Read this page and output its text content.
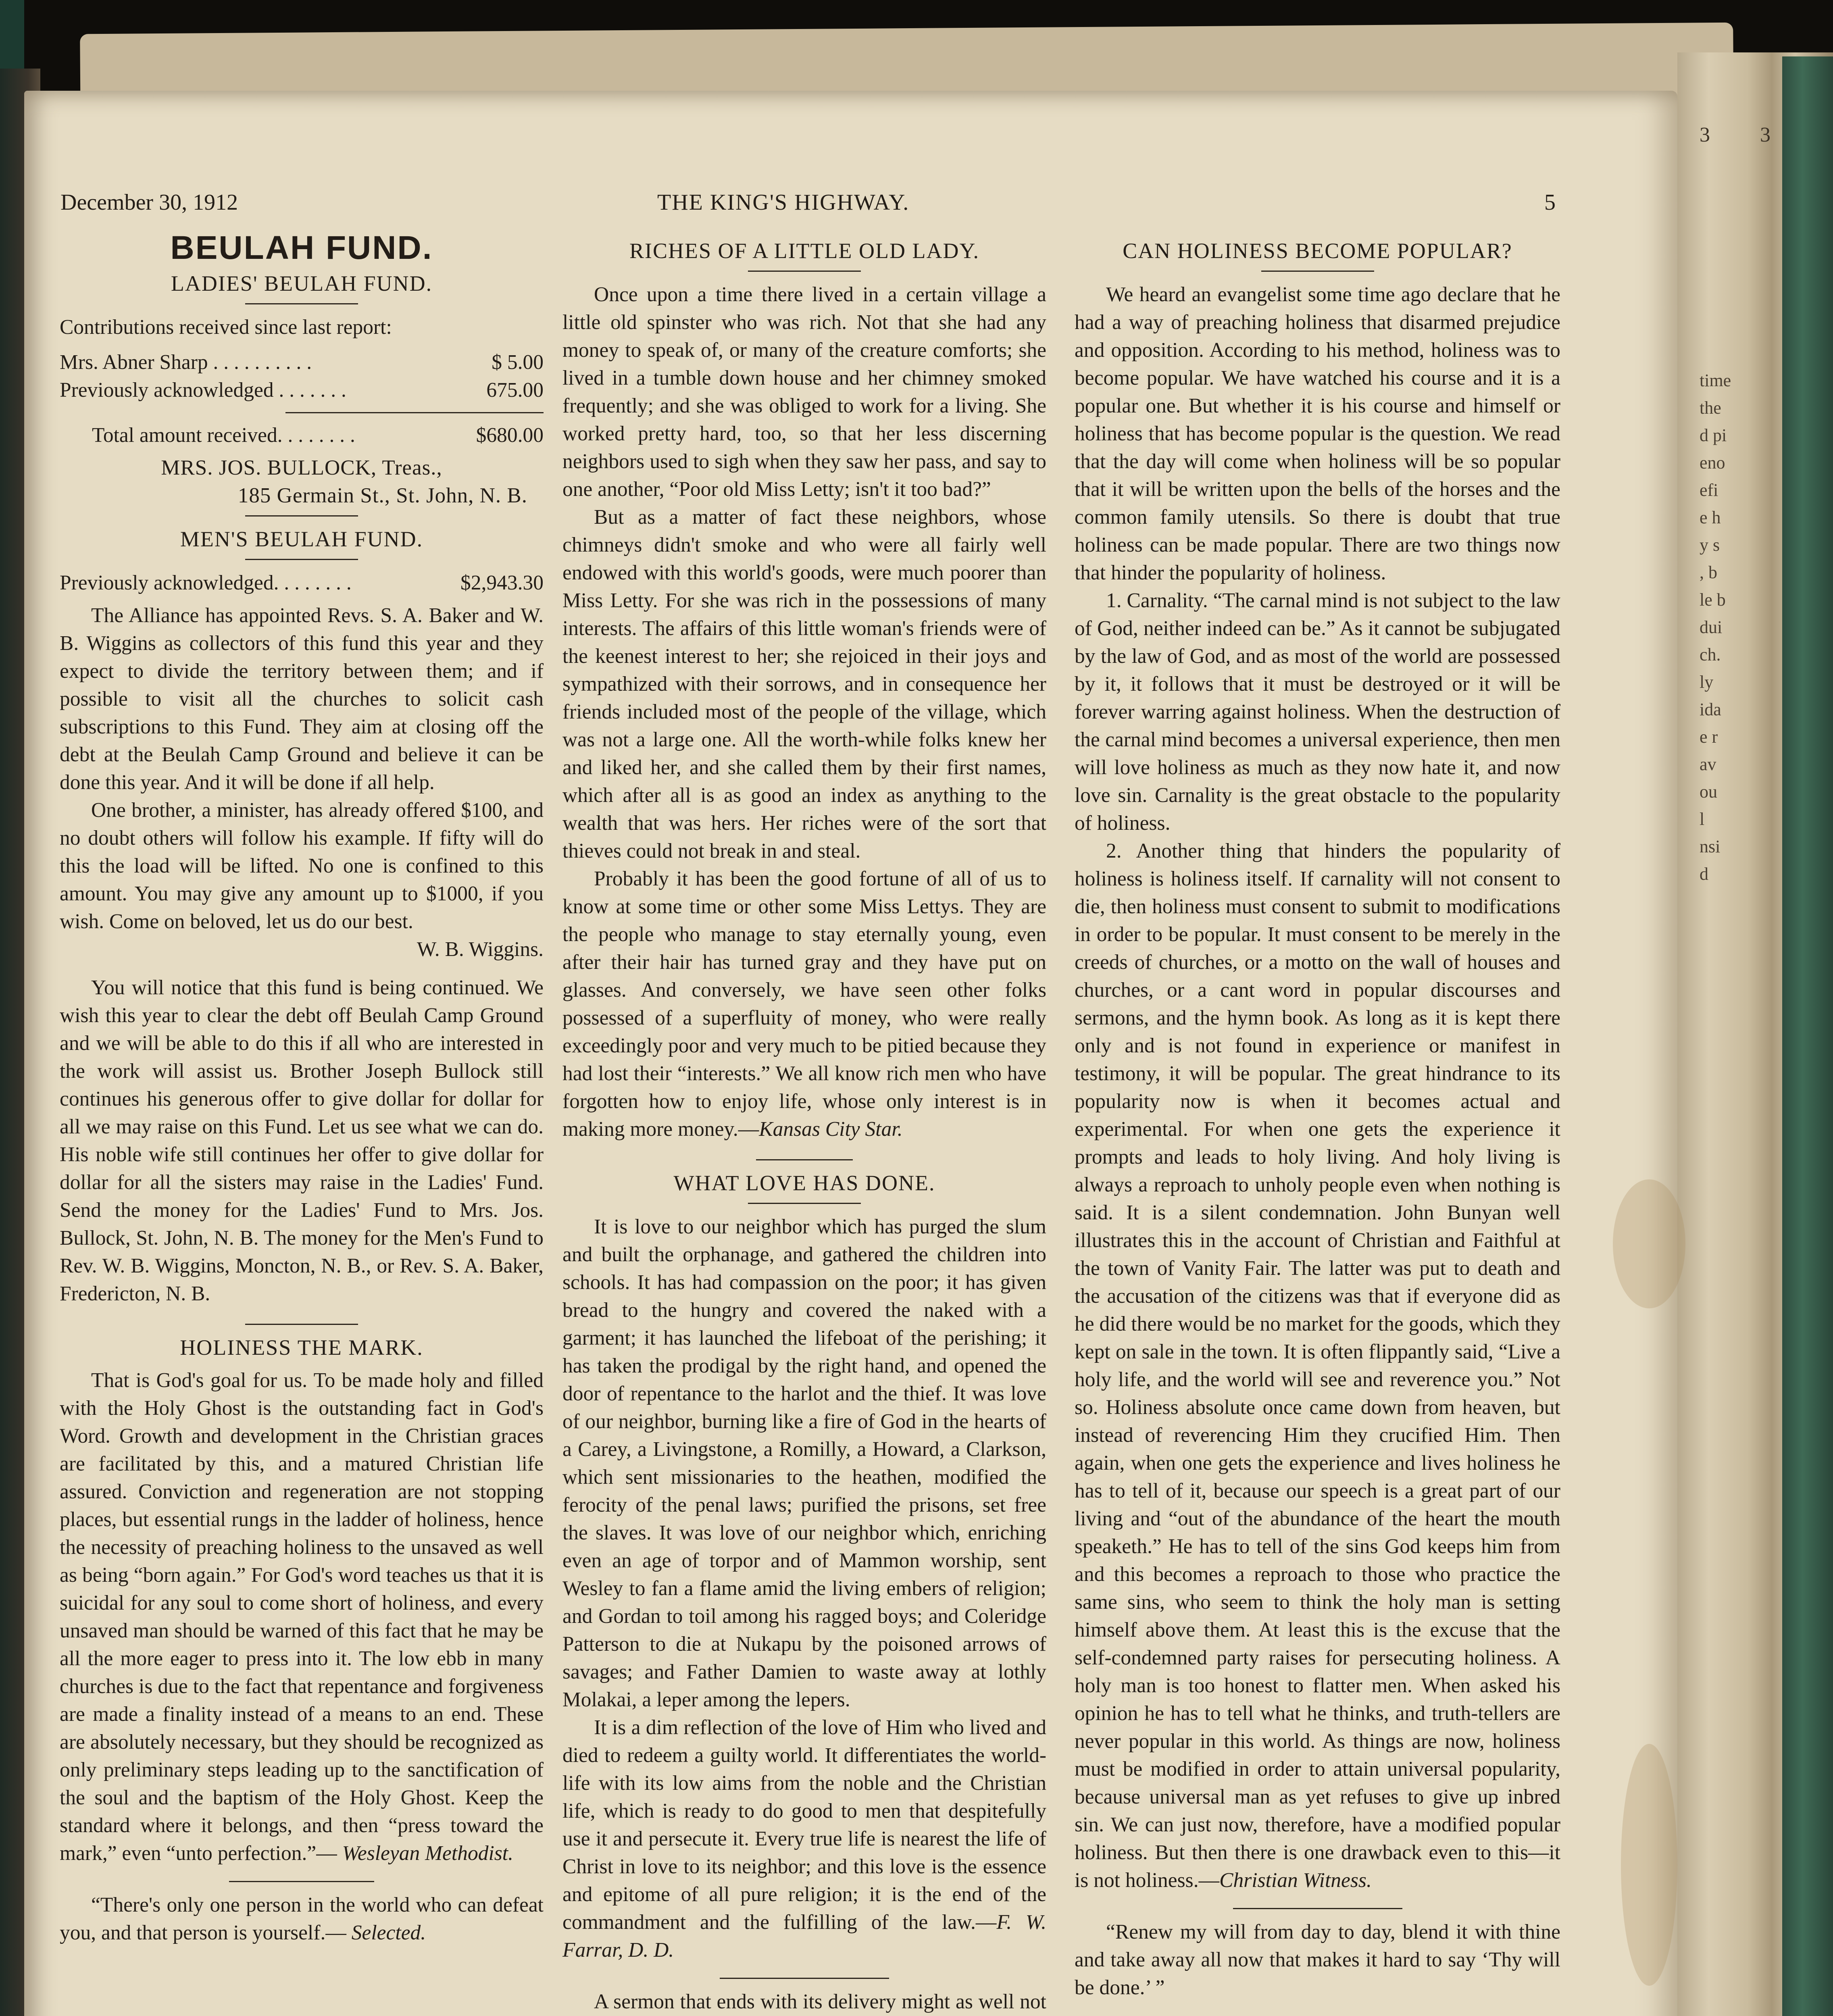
3 3
time
the
d pi
eno
efi
e h
y s
, b
le b
dui
ch.
ly
ida
e r
av
ou
l
nsi
d
December 30, 1912	THE KING'S HIGHWAY.	5
BEULAH FUND.
LADIES' BEULAH FUND.
Contributions received since last report:
Mrs. Abner Sharp . . . . . . . . . .	$ 5.00
Previously acknowledged . . . . . . .	675.00
Total amount received. . . . . . . .	$680.00
MRS. JOS. BULLOCK, Treas.,
185 Germain St., St. John, N. B.
MEN'S BEULAH FUND.
Previously acknowledged. . . . . . . .	$2,943.30

The Alliance has appointed Revs. S. A. Baker and W. B. Wiggins as collectors of this fund this year and they expect to divide the territory between them; and if possible to visit all the churches to solicit cash subscriptions to this Fund. They aim at closing off the debt at the Beulah Camp Ground and believe it can be done this year. And it will be done if all help.

One brother, a minister, has already offered $100, and no doubt others will follow his example. If fifty will do this the load will be lifted. No one is confined to this amount. You may give any amount up to $1000, if you wish. Come on beloved, let us do our best.

W. B. Wiggins.

You will notice that this fund is being continued. We wish this year to clear the debt off Beulah Camp Ground and we will be able to do this if all who are interested in the work will assist us. Brother Joseph Bullock still continues his generous offer to give dollar for dollar for all we may raise on this Fund. Let us see what we can do. His noble wife still continues her offer to give dollar for dollar for all the sisters may raise in the Ladies' Fund. Send the money for the Ladies' Fund to Mrs. Jos. Bullock, St. John, N. B. The money for the Men's Fund to Rev. W. B. Wiggins, Moncton, N. B., or Rev. S. A. Baker, Fredericton, N. B.

HOLINESS THE MARK.

That is God's goal for us. To be made holy and filled with the Holy Ghost is the outstanding fact in God's Word. Growth and development in the Christian graces are facilitated by this, and a matured Christian life assured. Conviction and regeneration are not stopping places, but essential rungs in the ladder of holiness, hence the necessity of preaching holiness to the unsaved as well as being “born again.” For God's word teaches us that it is suicidal for any soul to come short of holiness, and every unsaved man should be warned of this fact that he may be all the more eager to press into it. The low ebb in many churches is due to the fact that repentance and forgiveness are made a finality instead of a means to an end. These are absolutely necessary, but they should be recognized as only preliminary steps leading up to the sanctification of the soul and the baptism of the Holy Ghost. Keep the standard where it belongs, and then “press toward the mark,” even “unto perfection.”— Wesleyan Methodist.

“There's only one person in the world who can defeat you, and that person is yourself.— Selected.

RICHES OF A LITTLE OLD LADY.

Once upon a time there lived in a certain village a little old spinster who was rich. Not that she had any money to speak of, or many of the creature comforts; she lived in a tumble down house and her chimney smoked frequently; and she was obliged to work for a living. She worked pretty hard, too, so that her less discerning neighbors used to sigh when they saw her pass, and say to one another, “Poor old Miss Letty; isn't it too bad?”

But as a matter of fact these neighbors, whose chimneys didn't smoke and who were all fairly well endowed with this world's goods, were much poorer than Miss Letty. For she was rich in the possessions of many interests. The affairs of this little woman's friends were of the keenest interest to her; she rejoiced in their joys and sympathized with their sorrows, and in consequence her friends included most of the people of the village, which was not a large one. All the worth-while folks knew her and liked her, and she called them by their first names, which after all is as good an index as anything to the wealth that was hers. Her riches were of the sort that thieves could not break in and steal.

Probably it has been the good fortune of all of us to know at some time or other some Miss Lettys. They are the people who manage to stay eternally young, even after their hair has turned gray and they have put on glasses. And conversely, we have seen other folks possessed of a superfluity of money, who were really exceedingly poor and very much to be pitied because they had lost their “interests.” We all know rich men who have forgotten how to enjoy life, whose only interest is in making more money.—Kansas City Star.

WHAT LOVE HAS DONE.

It is love to our neighbor which has purged the slum and built the orphanage, and gathered the children into schools. It has had compassion on the poor; it has given bread to the hungry and covered the naked with a garment; it has launched the lifeboat of the perishing; it has taken the prodigal by the right hand, and opened the door of repentance to the harlot and the thief. It was love of our neighbor, burning like a fire of God in the hearts of a Carey, a Livingstone, a Romilly, a Howard, a Clarkson, which sent missionaries to the heathen, modified the ferocity of the penal laws; purified the prisons, set free the slaves. It was love of our neighbor which, enriching even an age of torpor and of Mammon worship, sent Wesley to fan a flame amid the living embers of religion; and Gordan to toil among his ragged boys; and Coleridge Patterson to die at Nukapu by the poisoned arrows of savages; and Father Damien to waste away at lothly Molakai, a leper among the lepers.

It is a dim reflection of the love of Him who lived and died to redeem a guilty world. It differentiates the world-life with its low aims from the noble and the Christian life, which is ready to do good to men that despitefully use it and persecute it. Every true life is nearest the life of Christ in love to its neighbor; and this love is the essence and epitome of all pure religion; it is the end of the commandment and the fulfilling of the law.—F. W. Farrar, D. D.

A sermon that ends with its delivery might as well not

CAN HOLINESS BECOME POPULAR?

We heard an evangelist some time ago declare that he had a way of preaching holiness that disarmed prejudice and opposition. According to his method, holiness was to become popular. We have watched his course and it is a popular one. But whether it is his course and himself or holiness that has become popular is the question. We read that the day will come when holiness will be so popular that it will be written upon the bells of the horses and the common family utensils. So there is doubt that true holiness can be made popular. There are two things now that hinder the popularity of holiness.

1. Carnality. “The carnal mind is not subject to the law of God, neither indeed can be.” As it cannot be subjugated by the law of God, and as most of the world are possessed by it, it follows that it must be destroyed or it will be forever warring against holiness. When the destruction of the carnal mind becomes a universal experience, then men will love holiness as much as they now hate it, and now love sin. Carnality is the great obstacle to the popularity of holiness.

2. Another thing that hinders the popularity of holiness is holiness itself. If carnality will not consent to die, then holiness must consent to submit to modifications in order to be popular. It must consent to be merely in the creeds of churches, or a motto on the wall of houses and churches, or a cant word in popular discourses and sermons, and the hymn book. As long as it is kept there only and is not found in experience or manifest in testimony, it will be popular. The great hindrance to its popularity now is when it becomes actual and experimental. For when one gets the experience it prompts and leads to holy living. And holy living is always a reproach to unholy people even when nothing is said. It is a silent condemnation. John Bunyan well illustrates this in the account of Christian and Faithful at the town of Vanity Fair. The latter was put to death and the accusation of the citizens was that if everyone did as he did there would be no market for the goods, which they kept on sale in the town. It is often flippantly said, “Live a holy life, and the world will see and reverence you.” Not so. Holiness absolute once came down from heaven, but instead of reverencing Him they crucified Him. Then again, when one gets the experience and lives holiness he has to tell of it, because our speech is a great part of our living and “out of the abundance of the heart the mouth speaketh.” He has to tell of the sins God keeps him from and this becomes a reproach to those who practice the same sins, who seem to think the holy man is setting himself above them. At least this is the excuse that the self-condemned party raises for persecuting holiness. A holy man is too honest to flatter men. When asked his opinion he has to tell what he thinks, and truth-tellers are never popular in this world. As things are now, holiness must be modified in order to attain universal popularity, because universal man as yet refuses to give up inbred sin. We can just now, therefore, have a modified popular holiness. But then there is one drawback even to this—it is not holiness.—Christian Witness.

“Renew my will from day to day, blend it with thine and take away all now that makes it hard to say ‘Thy will be done.’ ”
